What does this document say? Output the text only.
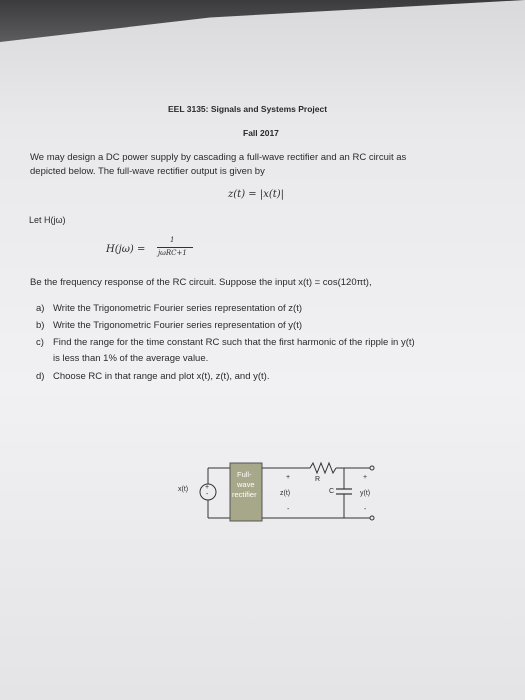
EEL 3135: Signals and Systems Project
Fall 2017
We may design a DC power supply by cascading a full-wave rectifier and an RC circuit as
depicted below. The full-wave rectifier output is given by
z(t) = |x(t)|
Let H(jω)
H(jω) =
1
jωRC+1
Be the frequency response of the RC circuit. Suppose the input x(t) = cos(120πt),
a) Write the Trigonometric Fourier series representation of z(t)
b) Write the Trigonometric Fourier series representation of y(t)
c) Find the range for the time constant RC such that the first harmonic of the ripple in y(t)
is less than 1% of the average value.
d) Choose RC in that range and plot x(t), z(t), and y(t).
x(t) +
-
Full-
wave
rectifier
+
z(t)
-
R
C
+
y(t)
-
